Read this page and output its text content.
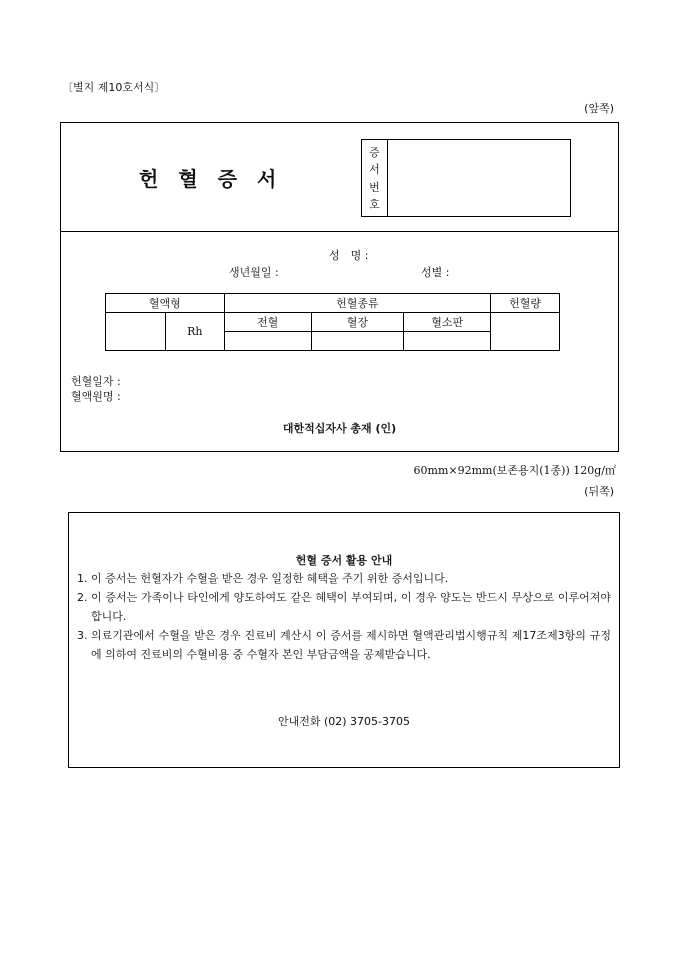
〔별지 제10호서식〕
(앞쪽)
헌혈증서
증
서
번
호
성　명 :
생년월일 :	성별 :
혈액형		헌혈종류			헌혈량
	Rh	전혈	혈장	혈소판	

헌혈일자 :
혈액원명 :
대한적십자사 총재 (인)
60mm×92mm(보존용지(1종)) 120g/㎡
(뒤쪽)
헌혈 증서 활용 안내
1. 이 증서는 헌혈자가 수혈을 받은 경우 일정한 혜택을 주기 위한 증서입니다.
2. 이 증서는 가족이나 타인에게 양도하여도 같은 혜택이 부여되며, 이 경우 양도는 반드시 무상으로 이루어져야 합니다.
3. 의료기관에서 수혈을 받은 경우 진료비 계산시 이 증서를 제시하면 혈액관리법시행규칙 제17조제3항의 규정에 의하여 진료비의 수혈비용 중 수혈자 본인 부담금액을 공제받습니다.
안내전화 (02) 3705-3705
